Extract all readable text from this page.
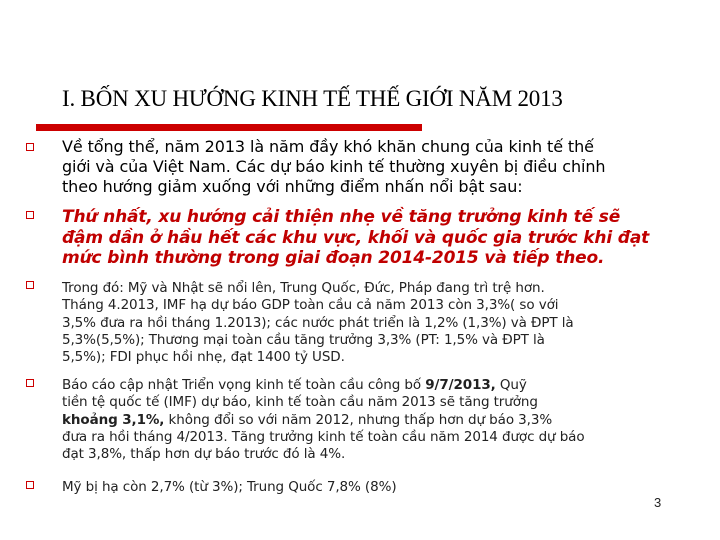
I. BỐN XU HƯỚNG KINH TẾ THẾ GIỚI NĂM 2013
Về tổng thể, năm 2013 là năm đầy khó khăn chung của kinh tế thế
giới và của Việt Nam. Các dự báo kinh tế thường xuyên bị điều chỉnh
theo hướng giảm xuống với những điểm nhấn nổi bật sau:
Thứ nhất, xu hướng cải thiện nhẹ về tăng trưởng kinh tế sẽ
đậm dần ở hầu hết các khu vực, khối và quốc gia trước khi đạt
mức bình thường trong giai đoạn 2014-2015 và tiếp theo.
Trong đó: Mỹ và Nhật sẽ nổi lên, Trung Quốc, Đức, Pháp đang trì trệ hơn.
Tháng 4.2013, IMF hạ dự báo GDP toàn cầu cả năm 2013 còn 3,3%( so với
3,5% đưa ra hồi tháng 1.2013); các nước phát triển là 1,2% (1,3%) và ĐPT là
5,3%(5,5%); Thương mại toàn cầu tăng trưởng 3,3% (PT: 1,5% và ĐPT là
5,5%); FDI phục hồi nhẹ, đạt 1400 tỷ USD.
Báo cáo cập nhật Triển vọng kinh tế toàn cầu công bố 9/7/2013, Quỹ
tiền tệ quốc tế (IMF) dự báo, kinh tế toàn cầu năm 2013 sẽ tăng trưởng
khoảng 3,1%, không đổi so với năm 2012, nhưng thấp hơn dự báo 3,3%
đưa ra hồi tháng 4/2013. Tăng trưởng kinh tế toàn cầu năm 2014 được dự báo
đạt 3,8%, thấp hơn dự báo trước đó là 4%.
Mỹ bị hạ còn 2,7% (từ 3%); Trung Quốc 7,8% (8%)
3
